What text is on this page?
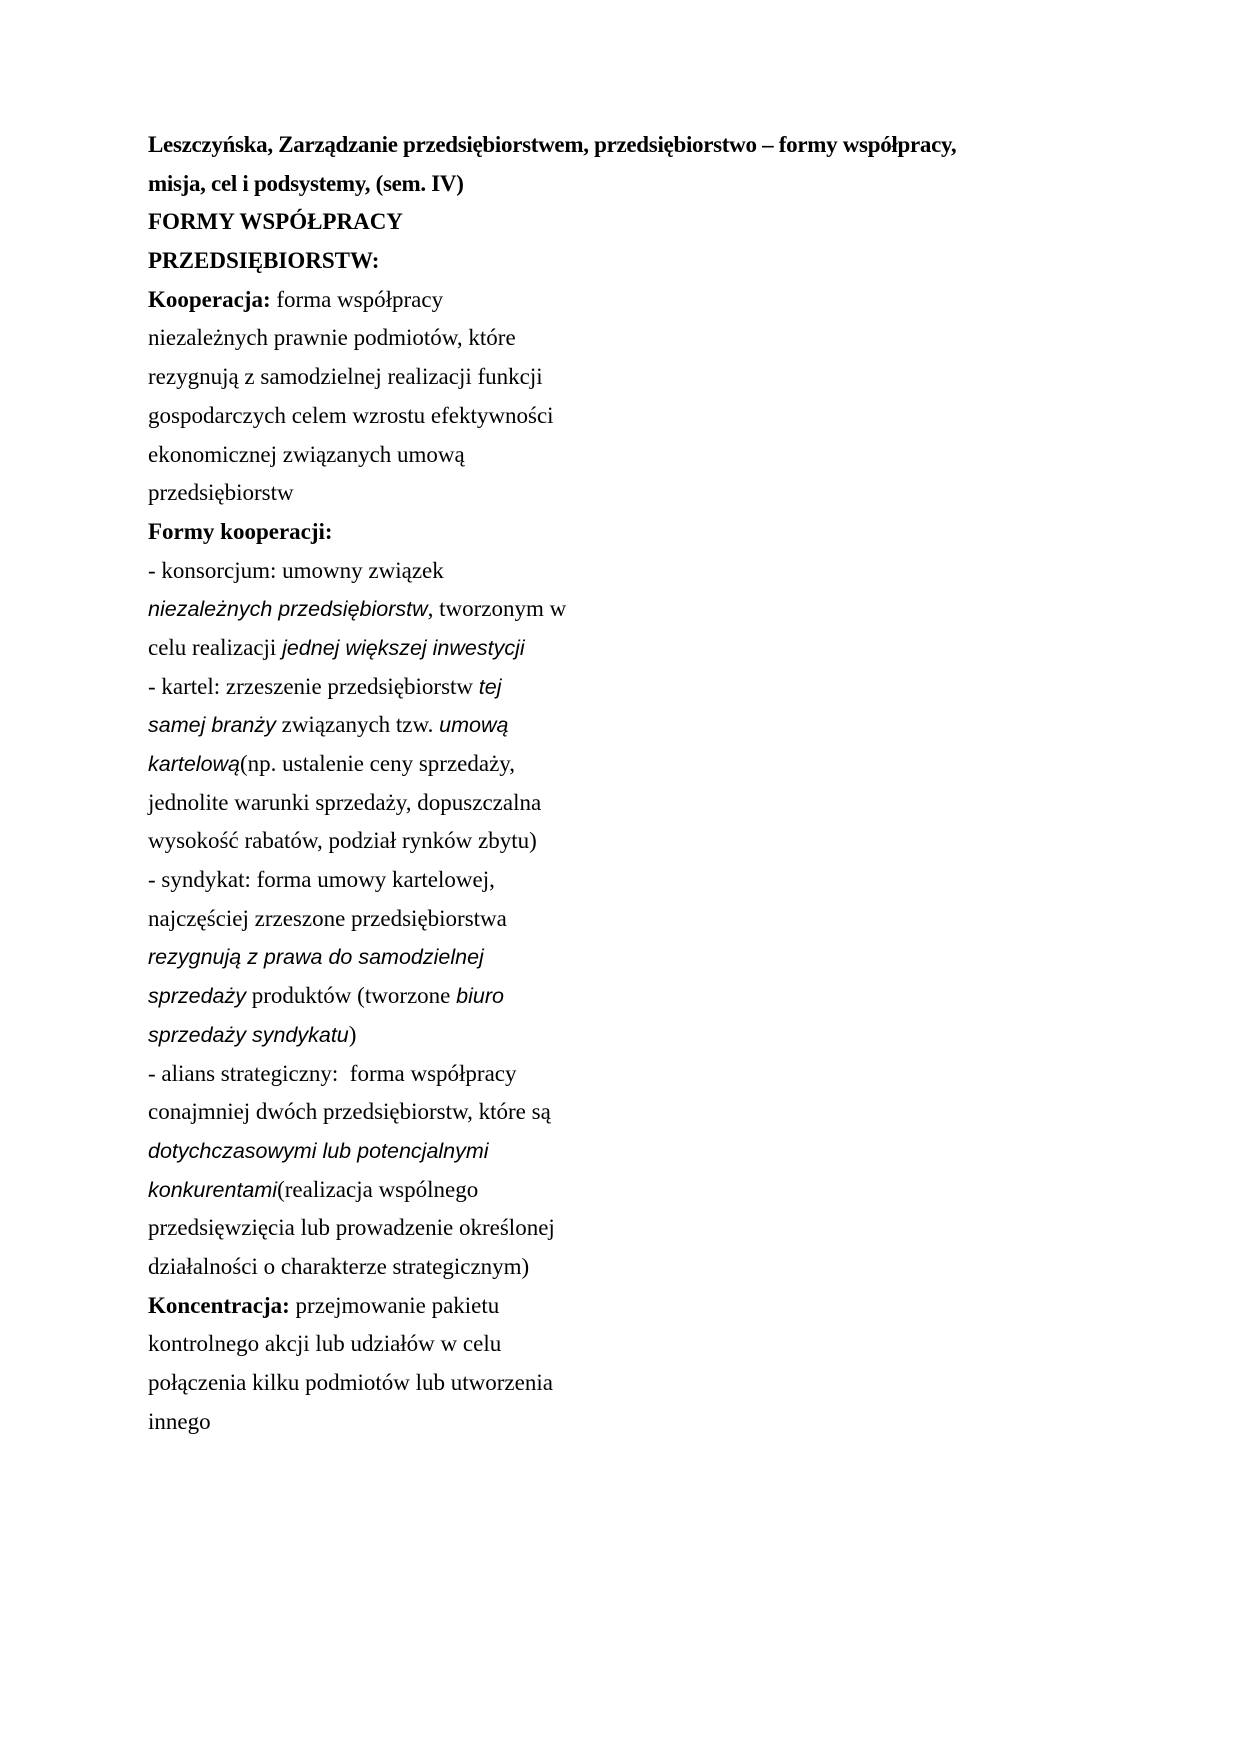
Leszczyńska, Zarządzanie przedsiębiorstwem, przedsiębiorstwo – formy współpracy,
misja, cel i podsystemy, (sem. IV)
FORMY WSPÓŁPRACY
PRZEDSIĘBIORSTW:
Kooperacja: forma współpracy
niezależnych prawnie podmiotów, które
rezygnują z samodzielnej realizacji funkcji
gospodarczych celem wzrostu efektywności
ekonomicznej związanych umową
przedsiębiorstw
Formy kooperacji:
- konsorcjum: umowny związek
niezależnych przedsiębiorstw, tworzonym w
celu realizacji jednej większej inwestycji
- kartel: zrzeszenie przedsiębiorstw tej
samej branży związanych tzw. umową
kartelową(np. ustalenie ceny sprzedaży,
jednolite warunki sprzedaży, dopuszczalna
wysokość rabatów, podział rynków zbytu)
- syndykat: forma umowy kartelowej,
najczęściej zrzeszone przedsiębiorstwa
rezygnują z prawa do samodzielnej
sprzedaży produktów (tworzone biuro
sprzedaży syndykatu)
- alians strategiczny:  forma współpracy
conajmniej dwóch przedsiębiorstw, które są
dotychczasowymi lub potencjalnymi
konkurentami(realizacja wspólnego
przedsięwzięcia lub prowadzenie określonej
działalności o charakterze strategicznym)
Koncentracja: przejmowanie pakietu
kontrolnego akcji lub udziałów w celu
połączenia kilku podmiotów lub utworzenia
innego
